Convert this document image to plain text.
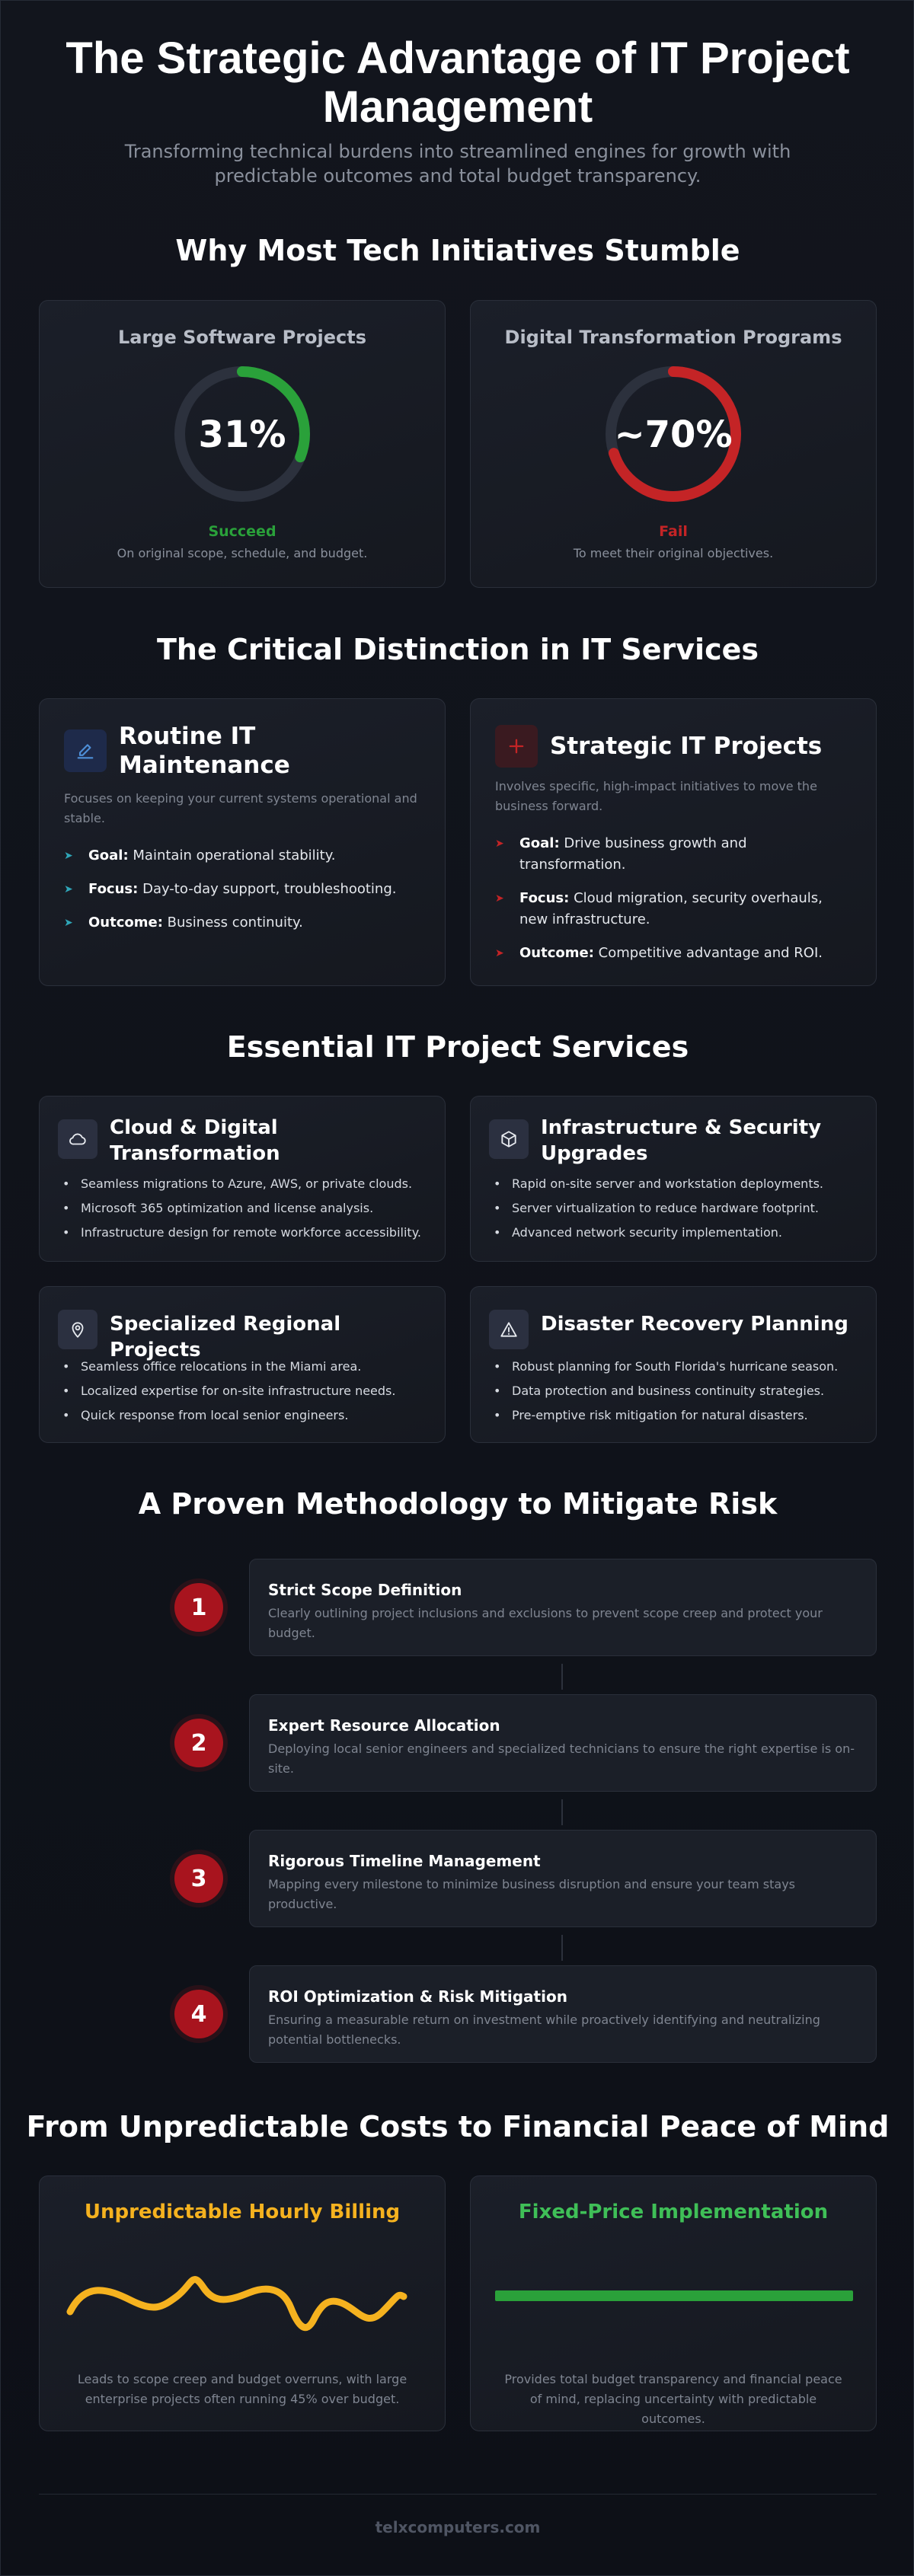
The Strategic Advantage of IT Project Management

Transforming technical burdens into streamlined engines for growth with predictable outcomes and total budget transparency.

Why Most Tech Initiatives Stumble
Large Software Projects
31%
Succeed
On original scope, schedule, and budget.
Digital Transformation Programs
~70%
Fail
To meet their original objectives.
The Critical Distinction in IT Services
Routine IT Maintenance
Focuses on keeping your current systems operational and stable.
➤ Goal: Maintain operational stability.
➤ Focus: Day-to-day support, troubleshooting.
➤ Outcome: Business continuity.
Strategic IT Projects
Involves specific, high-impact initiatives to move the business forward.
➤ Goal: Drive business growth and transformation.
➤ Focus: Cloud migration, security overhauls, new infrastructure.
➤ Outcome: Competitive advantage and ROI.
Essential IT Project Services
Cloud & Digital Transformation
• Seamless migrations to Azure, AWS, or private clouds.
• Microsoft 365 optimization and license analysis.
• Infrastructure design for remote workforce accessibility.
Infrastructure & Security Upgrades
• Rapid on-site server and workstation deployments.
• Server virtualization to reduce hardware footprint.
• Advanced network security implementation.
Specialized Regional Projects
• Seamless office relocations in the Miami area.
• Localized expertise for on-site infrastructure needs.
• Quick response from local senior engineers.
Disaster Recovery Planning
• Robust planning for South Florida's hurricane season.
• Data protection and business continuity strategies.
• Pre-emptive risk mitigation for natural disasters.
A Proven Methodology to Mitigate Risk
1
Strict Scope Definition
Clearly outlining project inclusions and exclusions to prevent scope creep and protect your budget.
2
Expert Resource Allocation
Deploying local senior engineers and specialized technicians to ensure the right expertise is on-site.
3
Rigorous Timeline Management
Mapping every milestone to minimize business disruption and ensure your team stays productive.
4
ROI Optimization & Risk Mitigation
Ensuring a measurable return on investment while proactively identifying and neutralizing potential bottlenecks.
From Unpredictable Costs to Financial Peace of Mind
Unpredictable Hourly Billing
Leads to scope creep and budget overruns, with large enterprise projects often running 45% over budget.
Fixed-Price Implementation
Provides total budget transparency and financial peace of mind, replacing uncertainty with predictable outcomes.
telxcomputers.com
